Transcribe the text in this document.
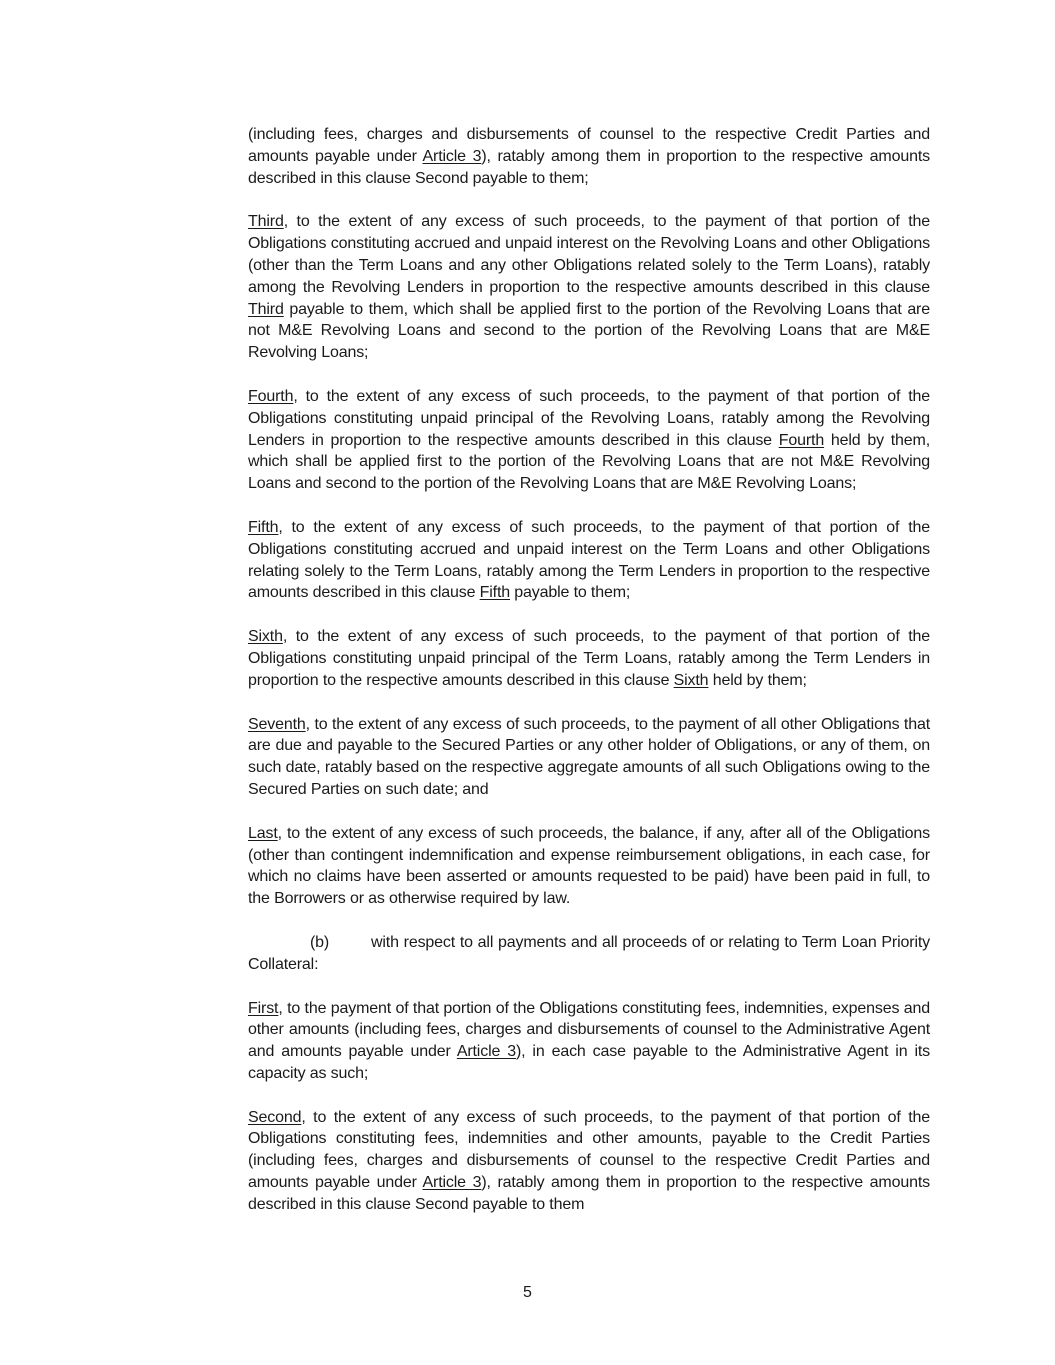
(including fees, charges and disbursements of counsel to the respective Credit Parties and amounts payable under Article 3), ratably among them in proportion to the respective amounts described in this clause Second payable to them;

Third, to the extent of any excess of such proceeds, to the payment of that portion of the Obligations constituting accrued and unpaid interest on the Revolving Loans and other Obligations (other than the Term Loans and any other Obligations related solely to the Term Loans), ratably among the Revolving Lenders in proportion to the respective amounts described in this clause Third payable to them, which shall be applied first to the portion of the Revolving Loans that are not M&E Revolving Loans and second to the portion of the Revolving Loans that are M&E Revolving Loans;

Fourth, to the extent of any excess of such proceeds, to the payment of that portion of the Obligations constituting unpaid principal of the Revolving Loans, ratably among the Revolving Lenders in proportion to the respective amounts described in this clause Fourth held by them, which shall be applied first to the portion of the Revolving Loans that are not M&E Revolving Loans and second to the portion of the Revolving Loans that are M&E Revolving Loans;

Fifth, to the extent of any excess of such proceeds, to the payment of that portion of the Obligations constituting accrued and unpaid interest on the Term Loans and other Obligations relating solely to the Term Loans, ratably among the Term Lenders in proportion to the respective amounts described in this clause Fifth payable to them;

Sixth, to the extent of any excess of such proceeds, to the payment of that portion of the Obligations constituting unpaid principal of the Term Loans, ratably among the Term Lenders in proportion to the respective amounts described in this clause Sixth held by them;

Seventh, to the extent of any excess of such proceeds, to the payment of all other Obligations that are due and payable to the Secured Parties or any other holder of Obligations, or any of them, on such date, ratably based on the respective aggregate amounts of all such Obligations owing to the Secured Parties on such date; and

Last, to the extent of any excess of such proceeds, the balance, if any, after all of the Obligations (other than contingent indemnification and expense reimbursement obligations, in each case, for which no claims have been asserted or amounts requested to be paid) have been paid in full, to the Borrowers or as otherwise required by law.

(b)	with respect to all payments and all proceeds of or relating to Term Loan Priority Collateral:

First, to the payment of that portion of the Obligations constituting fees, indemnities, expenses and other amounts (including fees, charges and disbursements of counsel to the Administrative Agent and amounts payable under Article 3), in each case payable to the Administrative Agent in its capacity as such;

Second, to the extent of any excess of such proceeds, to the payment of that portion of the Obligations constituting fees, indemnities and other amounts, payable to the Credit Parties (including fees, charges and disbursements of counsel to the respective Credit Parties and amounts payable under Article 3), ratably among them in proportion to the respective amounts described in this clause Second payable to them

5
